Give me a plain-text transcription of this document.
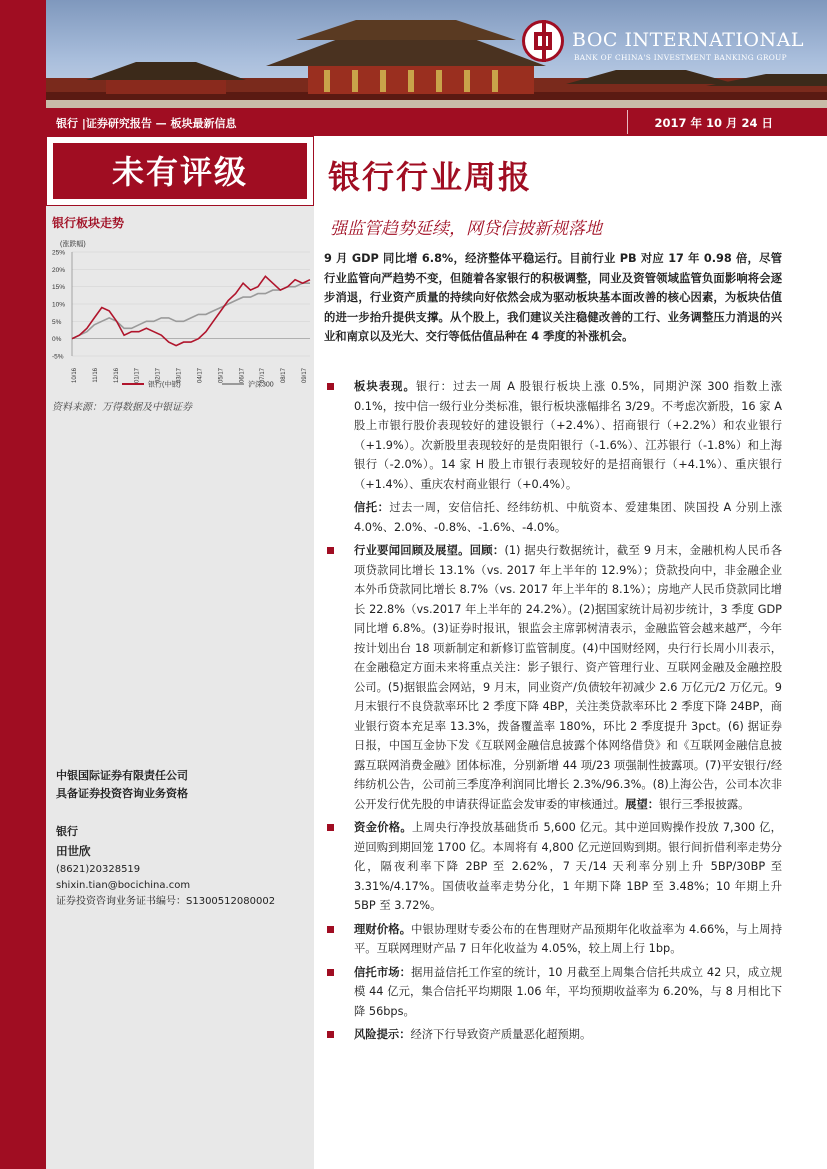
BOC INTERNATIONAL
BANK OF CHINA'S INVESTMENT BANKING GROUP
银行 |证券研究报告 — 板块最新信息	2017 年 10 月 24 日
未有评级
银行板块走势
(涨跌幅)
25%
20%
15%
10%
5%
0%
-5%
10/16 11/16 12/16 01/17 02/17 03/17 04/17 05/17 06/17 07/17 08/17 09/17
银行(中银)	沪深300
资料来源：万得数据及中银证券
中银国际证券有限责任公司
具备证券投资咨询业务资格
银行
田世欣
(8621)20328519
shixin.tian@bocichina.com
证券投资咨询业务证书编号：S1300512080002
银行行业周报
强监管趋势延续，网贷信披新规落地
9 月 GDP 同比增 6.8%，经济整体平稳运行。目前行业 PB 对应 17 年 0.98 倍，尽管行业监管向严趋势不变，但随着各家银行的积极调整，同业及资管领域监管负面影响将会逐步消退，行业资产质量的持续向好依然会成为驱动板块基本面改善的核心因素，为板块估值的进一步抬升提供支撑。从个股上，我们建议关注稳健改善的工行、业务调整压力消退的兴业和南京以及光大、交行等低估值品种在 4 季度的补涨机会。
板块表现。银行：过去一周 A 股银行板块上涨 0.5%，同期沪深 300 指数上涨 0.1%，按中信一级行业分类标准，银行板块涨幅排名 3/29。不考虑次新股，16 家 A 股上市银行股价表现较好的建设银行（+2.4%）、招商银行（+2.2%）和农业银行（+1.9%）。次新股里表现较好的是贵阳银行（-1.6%）、江苏银行（-1.8%）和上海银行（-2.0%）。14 家 H 股上市银行表现较好的是招商银行（+4.1%）、重庆银行（+1.4%）、重庆农村商业银行（+0.4%）。
信托：过去一周，安信信托、经纬纺机、中航资本、爱建集团、陕国投 A 分别上涨 4.0%、2.0%、-0.8%、-1.6%、-4.0%。
行业要闻回顾及展望。回顾：(1) 据央行数据统计，截至 9 月末，金融机构人民币各项贷款同比增长 13.1%（vs. 2017 年上半年的 12.9%）；贷款投向中，非金融企业本外币贷款同比增长 8.7%（vs. 2017 年上半年的 8.1%）；房地产人民币贷款同比增长 22.8%（vs.2017 年上半年的 24.2%）。(2)据国家统计局初步统计，3 季度 GDP 同比增 6.8%。(3)证券时报讯，银监会主席郭树清表示，金融监管会越来越严，今年按计划出台 18 项新制定和新修订监管制度。(4)中国财经网，央行行长周小川表示，在金融稳定方面未来将重点关注：影子银行、资产管理行业、互联网金融及金融控股公司。(5)据银监会网站，9 月末，同业资产/负债较年初减少 2.6 万亿元/2 万亿元。9 月末银行不良贷款率环比 2 季度下降 4BP，关注类贷款率环比 2 季度下降 24BP，商业银行资本充足率 13.3%，拨备覆盖率 180%，环比 2 季度提升 3pct。(6) 据证券日报，中国互金协下发《互联网金融信息披露个体网络借贷》和《互联网金融信息披露互联网消费金融》团体标准，分别新增 44 项/23 项强制性披露项。(7)平安银行/经纬纺机公告，公司前三季度净利润同比增长 2.3%/96.3%。(8)上海公告，公司本次非公开发行优先股的申请获得证监会发审委的审核通过。展望：银行三季报披露。
资金价格。上周央行净投放基础货币 5,600 亿元。其中逆回购操作投放 7,300 亿，逆回购到期回笼 1700 亿。本周将有 4,800 亿元逆回购到期。银行间折借利率走势分化，隔夜利率下降 2BP 至 2.62%，7 天/14 天利率分别上升 5BP/30BP 至 3.31%/4.17%。国债收益率走势分化，1 年期下降 1BP 至 3.48%；10 年期上升 5BP 至 3.72%。
理财价格。中银协理财专委公布的在售理财产品预期年化收益率为 4.66%，与上周持平。互联网理财产品 7 日年化收益为 4.05%，较上周上行 1bp。
信托市场：据用益信托工作室的统计，10 月截至上周集合信托共成立 42 只，成立规模 44 亿元，集合信托平均期限 1.06 年，平均预期收益率为 6.20%，与 8 月相比下降 56bps。
风险提示：经济下行导致资产质量恶化超预期。
